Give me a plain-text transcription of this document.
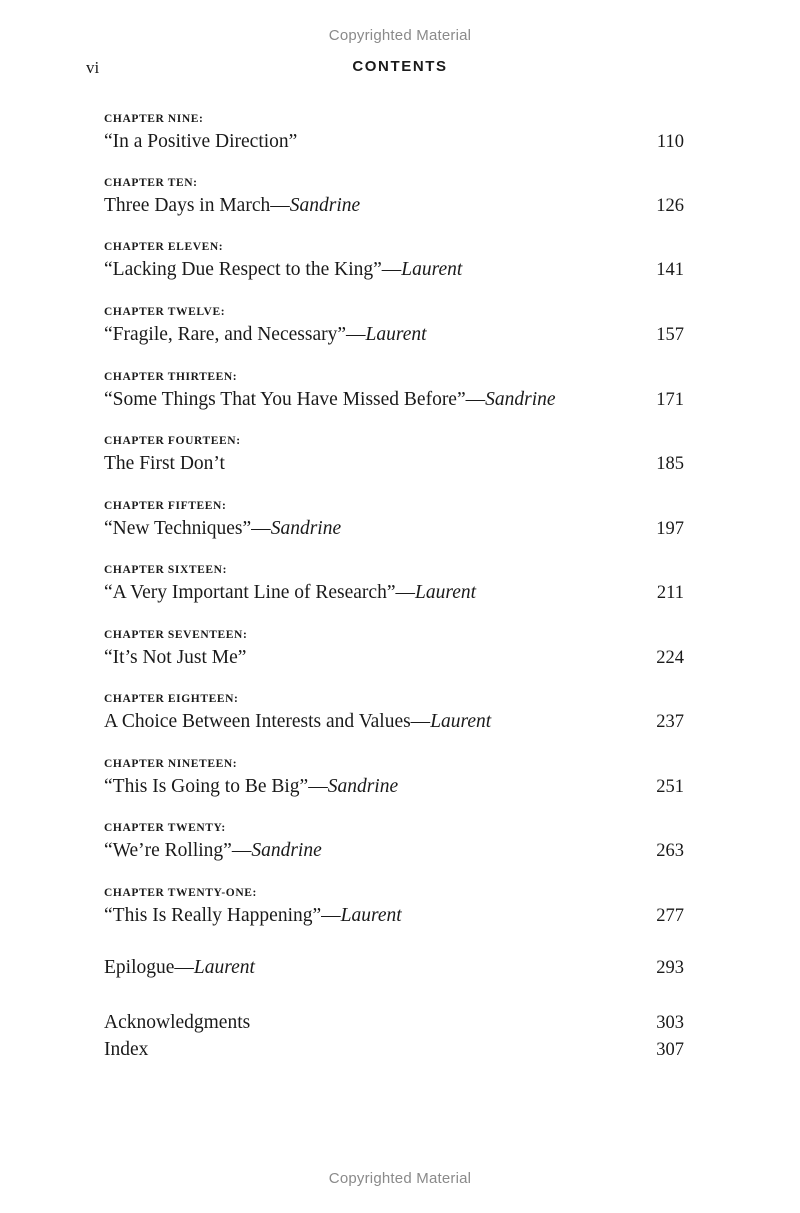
Copyrighted Material
vi	CONTENTS
CHAPTER NINE:
“In a Positive Direction”	110
CHAPTER TEN:
Three Days in March—Sandrine	126
CHAPTER ELEVEN:
“Lacking Due Respect to the King”—Laurent	141
CHAPTER TWELVE:
“Fragile, Rare, and Necessary”—Laurent	157
CHAPTER THIRTEEN:
“Some Things That You Have Missed Before”—Sandrine	171
CHAPTER FOURTEEN:
The First Don’t	185
CHAPTER FIFTEEN:
“New Techniques”—Sandrine	197
CHAPTER SIXTEEN:
“A Very Important Line of Research”—Laurent	211
CHAPTER SEVENTEEN:
“It’s Not Just Me”	224
CHAPTER EIGHTEEN:
A Choice Between Interests and Values—Laurent	237
CHAPTER NINETEEN:
“This Is Going to Be Big”—Sandrine	251
CHAPTER TWENTY:
“We’re Rolling”—Sandrine	263
CHAPTER TWENTY-ONE:
“This Is Really Happening”—Laurent	277
Epilogue—Laurent	293
Acknowledgments	303
Index	307
Copyrighted Material
